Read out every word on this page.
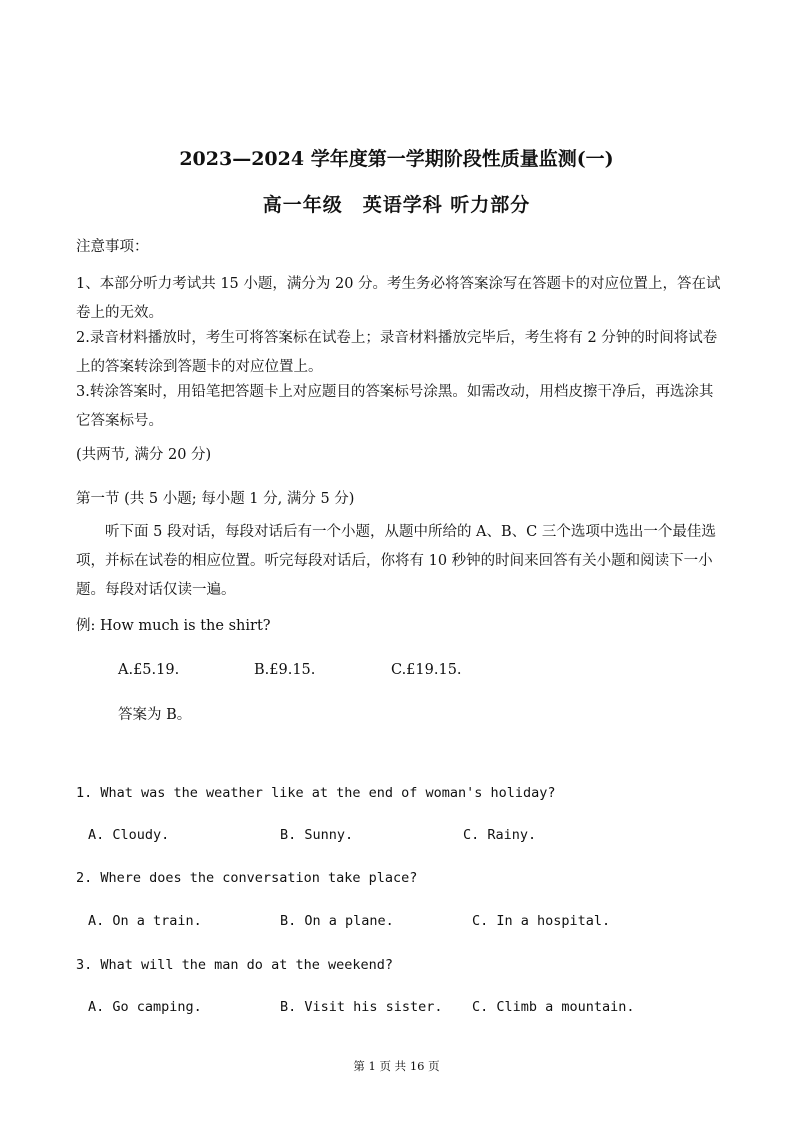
2023—2024 学年度第一学期阶段性质量监测(一)
高一年级　英语学科 听力部分
注意事项：
1、本部分听力考试共 15 小题，满分为 20 分。考生务必将答案涂写在答题卡的对应位置上，答在试卷上的无效。
2.录音材料播放时，考生可将答案标在试卷上；录音材料播放完毕后，考生将有 2 分钟的时间将试卷上的答案转涂到答题卡的对应位置上。
3.转涂答案时，用铅笔把答题卡上对应题目的答案标号涂黑。如需改动，用档皮擦干净后，再选涂其它答案标号。
(共两节, 满分 20 分)
第一节 (共 5 小题; 每小题 1 分, 满分 5 分)
听下面 5 段对话，每段对话后有一个小题，从题中所给的 A、B、C 三个选项中选出一个最佳选项，并标在试卷的相应位置。听完每段对话后，你将有 10 秒钟的时间来回答有关小题和阅读下一小题。每段对话仅读一遍。
例: How much is the shirt?
A.£5.19.	B.£9.15.	C.£19.15.
答案为 B。
1. What was the weather like at the end of woman's holiday?
A. Cloudy.	B. Sunny.	C. Rainy.
2. Where does the conversation take place?
A. On a train.	B. On a plane.	C. In a hospital.
3. What will the man do at the weekend?
A. Go camping.	B. Visit his sister. C. Climb a mountain.
第 1 页 共 16 页
